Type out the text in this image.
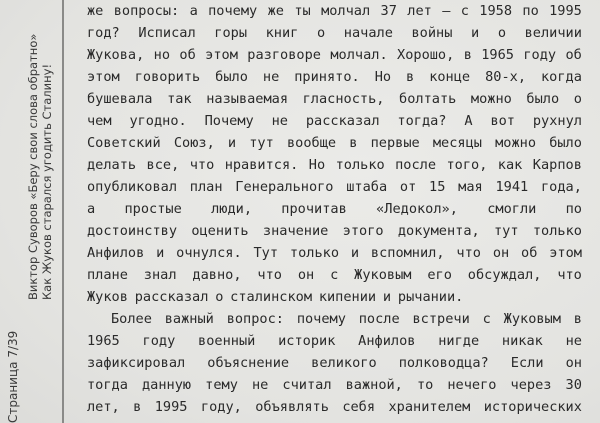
Страница 7/39
Виктор Суворов «Беру свои слова обратно» Как Жуков старался угодить Сталину!
же вопросы: а почему же ты молчал 37 лет – с 1958 по 1995
год? Исписал горы книг о начале войны и о величии
Жукова, но об этом разговоре молчал. Хорошо, в 1965 году об
этом говорить было не принято. Но в конце 80-х, когда
бушевала так называемая гласность, болтать можно было о
чем угодно. Почему не рассказал тогда? А вот рухнул
Советский Союз, и тут вообще в первые месяцы можно было
делать все, что нравится. Но только после того, как Карпов
опубликовал план Генерального штаба от 15 мая 1941 года,
а простые люди, прочитав «Ледокол», смогли по
достоинству оценить значение этого документа, тут только
Анфилов и очнулся. Тут только и вспомнил, что он об этом
плане знал давно, что он с Жуковым его обсуждал, что
Жуков рассказал о сталинском кипении и рычании.
Более важный вопрос: почему после встречи с Жуковым в
1965 году военный историк Анфилов нигде никак не
зафиксировал объяснение великого полководца? Если он
тогда данную тему не считал важной, то нечего через 30
лет, в 1995 году, объявлять себя хранителем исторических
